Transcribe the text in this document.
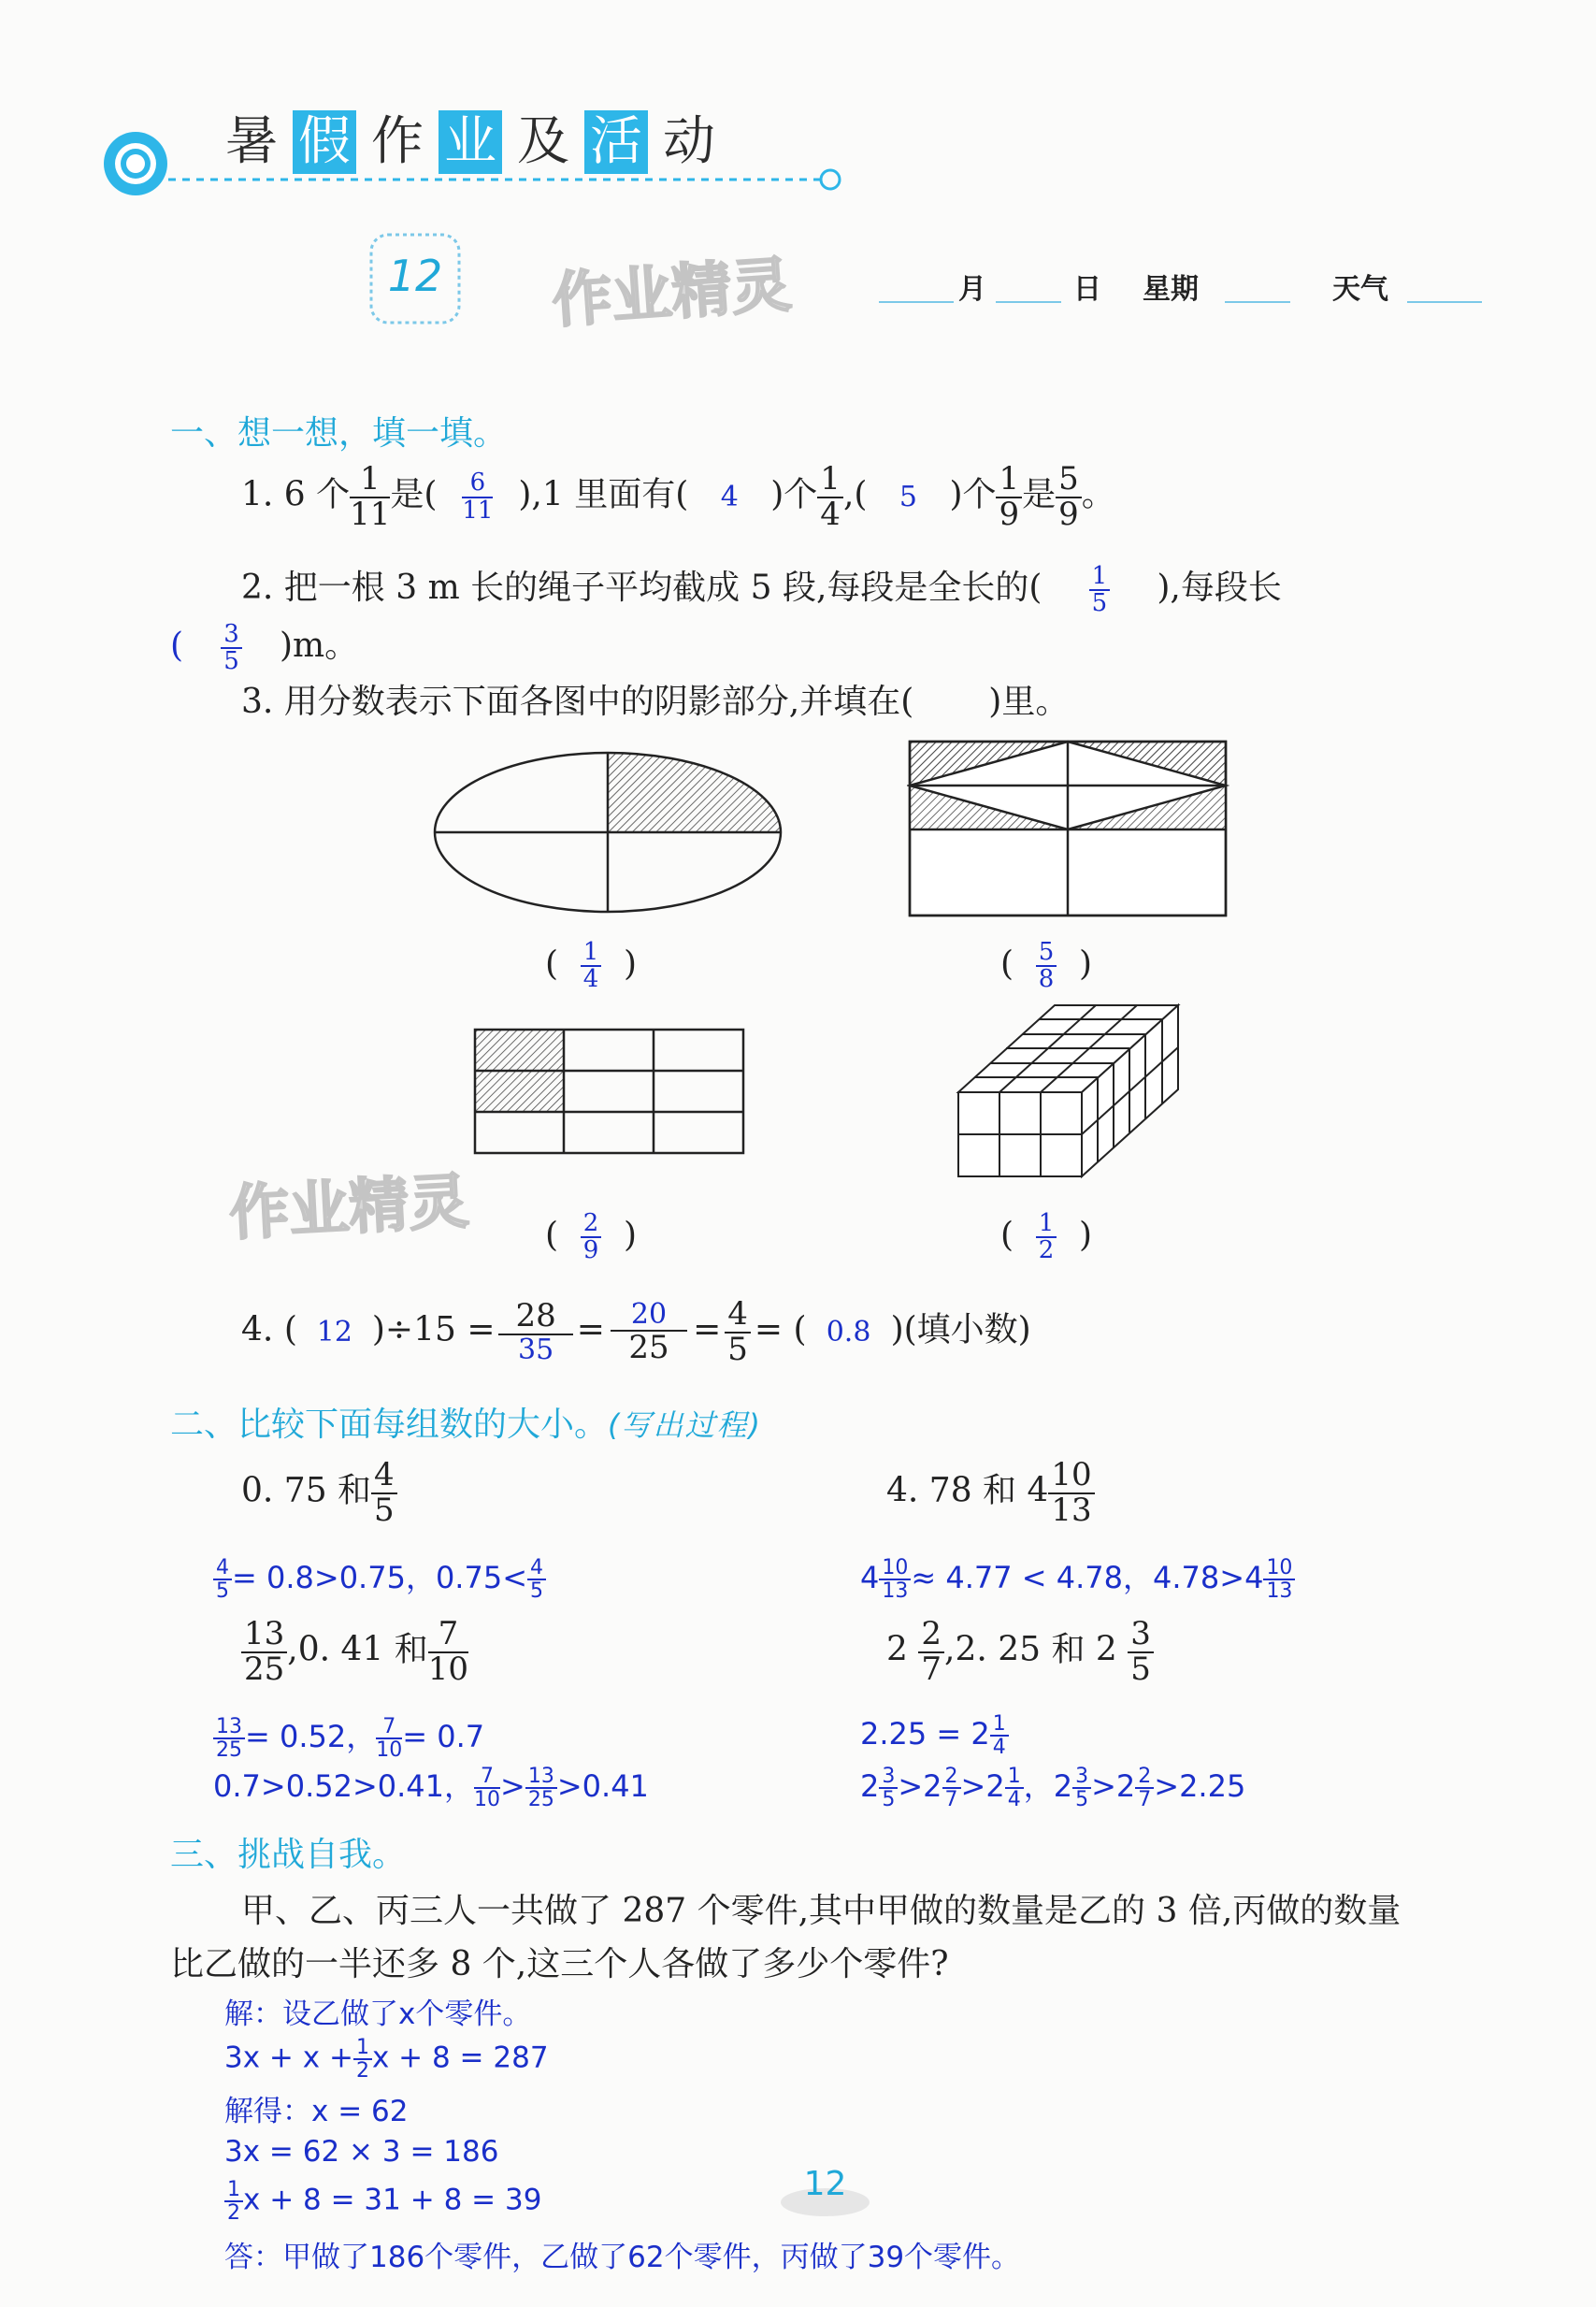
暑 假 作 业 及 活 动
12	作业精灵	月	日 星期	天气
一、想一想，填一填。
1. 6 个 $\frac{1}{11}$ 是( $\frac{6}{11} ),1$ 里面有( 4 )个 $\frac{1}{4}$ ,( 5 )个 $\frac{1}{9}$ 是 $\frac{5}{9}$ 。
2. 把一根 3 m 长的绳子平均截成 5 段,每段是全长的( $\frac{1}{5}$ ),每段长
( $\frac{3}{5} )m$。
3. 用分数表示下面各图中的阴影部分,并填在( )里。
( $\frac{1}{4}$ )	( $\frac{5}{8}$ )
作业精灵 ( $\frac{2}{9}$ )	( $\frac{1}{2}$ )
4. ( 12 )$\div 15 = \frac{28}{35} = \frac{20}{25} = \frac{4}{5}$ = ( 0.8 )(填小数)
二、比较下面每组数的大小。(写出过程)
0. 75 和 $\frac{4}{5}$
$\frac{4}{5} = 0.8>0.75$，$0.75< \frac{4}{5}$
4. 78 和 $4 \frac{10}{13}$
$4 \frac{10}{13} \approx 4.77 < 4.78$，$4.78>4 \frac{10}{13}$
$\frac{13}{25} ,0$. 41 和 $\frac{7}{10}$
$\frac{13}{25} = 0.52$， $\frac{7}{10} = 0.7$
0.7>0.52>0.41， $\frac{7}{10} > \frac{13}{25} >0.41$
$2 \frac{2}{7} ,2$. 25 和 $2 \frac{3}{5}$
$2.25 = 2 \frac{1}{4}$
$2 \frac{3}{5} >2 \frac{2}{7} >2 \frac{1}{4}$ ，$2 \frac{3}{5} >2 \frac{2}{7} >2.25$
三、挑战自我。
甲、乙、丙三人一共做了 287 个零件,其中甲做的数量是乙的 3 倍,丙做的数量
比乙做的一半还多 8 个,这三个人各做了多少个零件?
解：设乙做了x个零件。
$3x + x + \frac{1}{2}$ x + 8 = 287
解得：x = 62
3x = 62 × 3 = 186
$\frac{1}{2}$ x + 8 = 31 + 8 = 39
答：甲做了186个零件，乙做了62个零件，丙做了39个零件。
12
